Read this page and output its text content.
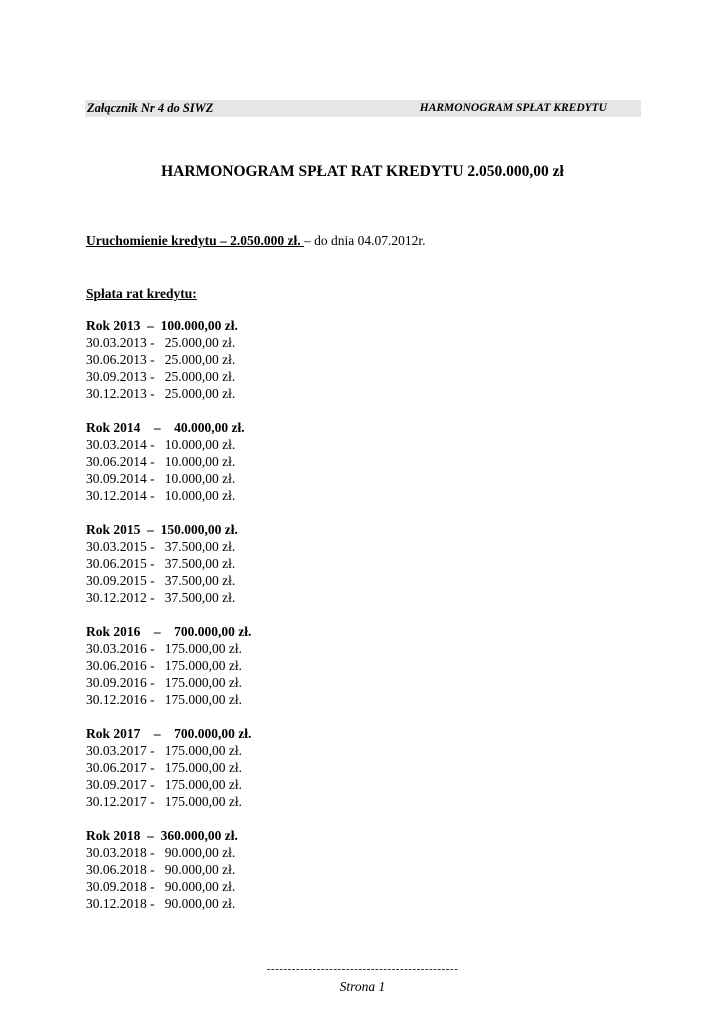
Załącznik Nr 4 do SIWZ	HARMONOGRAM SPŁAT KREDYTU
HARMONOGRAM SPŁAT RAT KREDYTU 2.050.000,00 zł
Uruchomienie kredytu – 2.050.000 zł. – do dnia 04.07.2012r.
Spłata rat kredytu:
Rok 2013  –  100.000,00 zł.
30.03.2013 -   25.000,00 zł.
30.06.2013 -   25.000,00 zł.
30.09.2013 -   25.000,00 zł.
30.12.2013 -   25.000,00 zł.
Rok 2014    –    40.000,00 zł.
30.03.2014 -   10.000,00 zł.
30.06.2014 -   10.000,00 zł.
30.09.2014 -   10.000,00 zł.
30.12.2014 -   10.000,00 zł.
Rok 2015  –  150.000,00 zł.
30.03.2015 -   37.500,00 zł.
30.06.2015 -   37.500,00 zł.
30.09.2015 -   37.500,00 zł.
30.12.2012 -   37.500,00 zł.
Rok 2016    –    700.000,00 zł.
30.03.2016 -   175.000,00 zł.
30.06.2016 -   175.000,00 zł.
30.09.2016 -   175.000,00 zł.
30.12.2016 -   175.000,00 zł.
Rok 2017    –    700.000,00 zł.
30.03.2017 -   175.000,00 zł.
30.06.2017 -   175.000,00 zł.
30.09.2017 -   175.000,00 zł.
30.12.2017 -   175.000,00 zł.
Rok 2018  –  360.000,00 zł.
30.03.2018 -   90.000,00 zł.
30.06.2018 -   90.000,00 zł.
30.09.2018 -   90.000,00 zł.
30.12.2018 -   90.000,00 zł.
----------------------------------------------
Strona 1
